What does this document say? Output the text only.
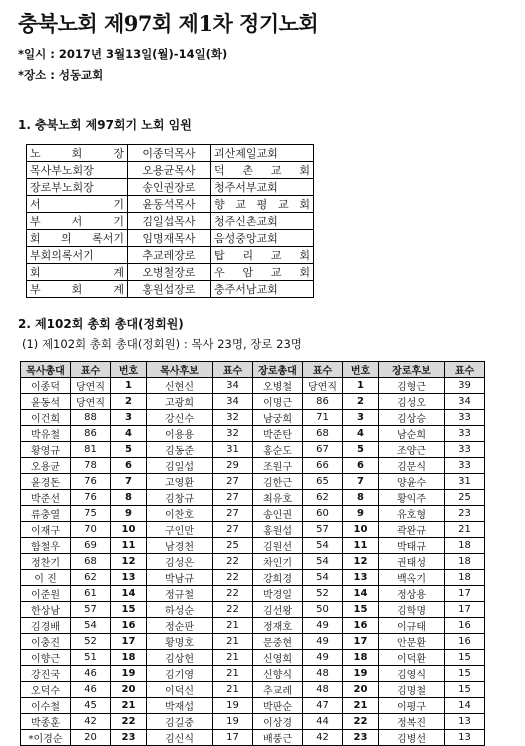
충북노회 제97회 제1차 정기노회
*일시 : 2017년 3월13일(월)-14일(화)
*장소 : 성동교회
1. 충북노회 제97회기 노회 임원
노 회 장	이종덕목사	괴산제일교회
목사부노회장	오용균목사	덕 촌 교 회
장로부노회장	송인권장로	청주서부교회
서 기	윤동석목사	향 교 평 교 회
부 서 기	김일섭목사	청주신촌교회
회 의 록서기	임명재목사	음성중앙교회
부회의록서기	추교레장로	탑 리 교 회
회 계	오병철장로	우 암 교 회
부 회 계	홍원섭장로	충주서남교회
2. 제102회 총회 총대(정회원)
(1) 제102회 총회 총대(정회원) : 목사 23명, 장로 23명
목사총대	표수	번호	목사후보	표수	장로총대	표수	번호	장로후보	표수
이종덕	당연직	1	신현신	34	오병철	당연직	1	김형근	39
윤동석	당연직	2	고광희	34	이명근	86	2	김성오	34
이건희	88	3	강신수	32	남궁희	71	3	김상승	33
박유철	86	4	이용용	32	박준탄	68	4	남순희	33
황영규	81	5	김동준	31	홍순도	67	5	조양근	33
오용균	78	6	김일섭	29	조원구	66	6	김문식	33
윤경돈	76	7	고영환	27	김한근	65	7	양윤수	31
박준선	76	8	김창규	27	최유호	62	8	황익주	25
류충열	75	9	이찬호	27	송인권	60	9	유호형	23
이재구	70	10	구인만	27	홍원섭	57	10	곽완규	21
함철우	69	11	남경천	25	김원선	54	11	박태규	18
정찬기	68	12	김성은	22	차인기	54	12	권태성	18
이 진	62	13	박남규	22	강희경	54	13	백옥기	18
이준원	61	14	정규철	22	박경일	52	14	정상용	17
한상남	57	15	하성순	22	김선왕	50	15	김학명	17
김경배	54	16	정순판	21	정재호	49	16	이규태	16
이충진	52	17	황명호	21	문중현	49	17	안문환	16
이향근	51	18	김상헌	21	신영희	49	18	이덕환	15
강진국	46	19	김기영	21	신향식	48	19	김영식	15
오덕수	46	20	이덕신	21	추교레	48	20	김명철	15
이수철	45	21	박재섭	19	박판순	47	21	이평구	14
박종훈	42	22	김길중	19	이상경	44	22	정복진	13
*이경순	20	23	김신식	17	배풍근	42	23	김병선	13
